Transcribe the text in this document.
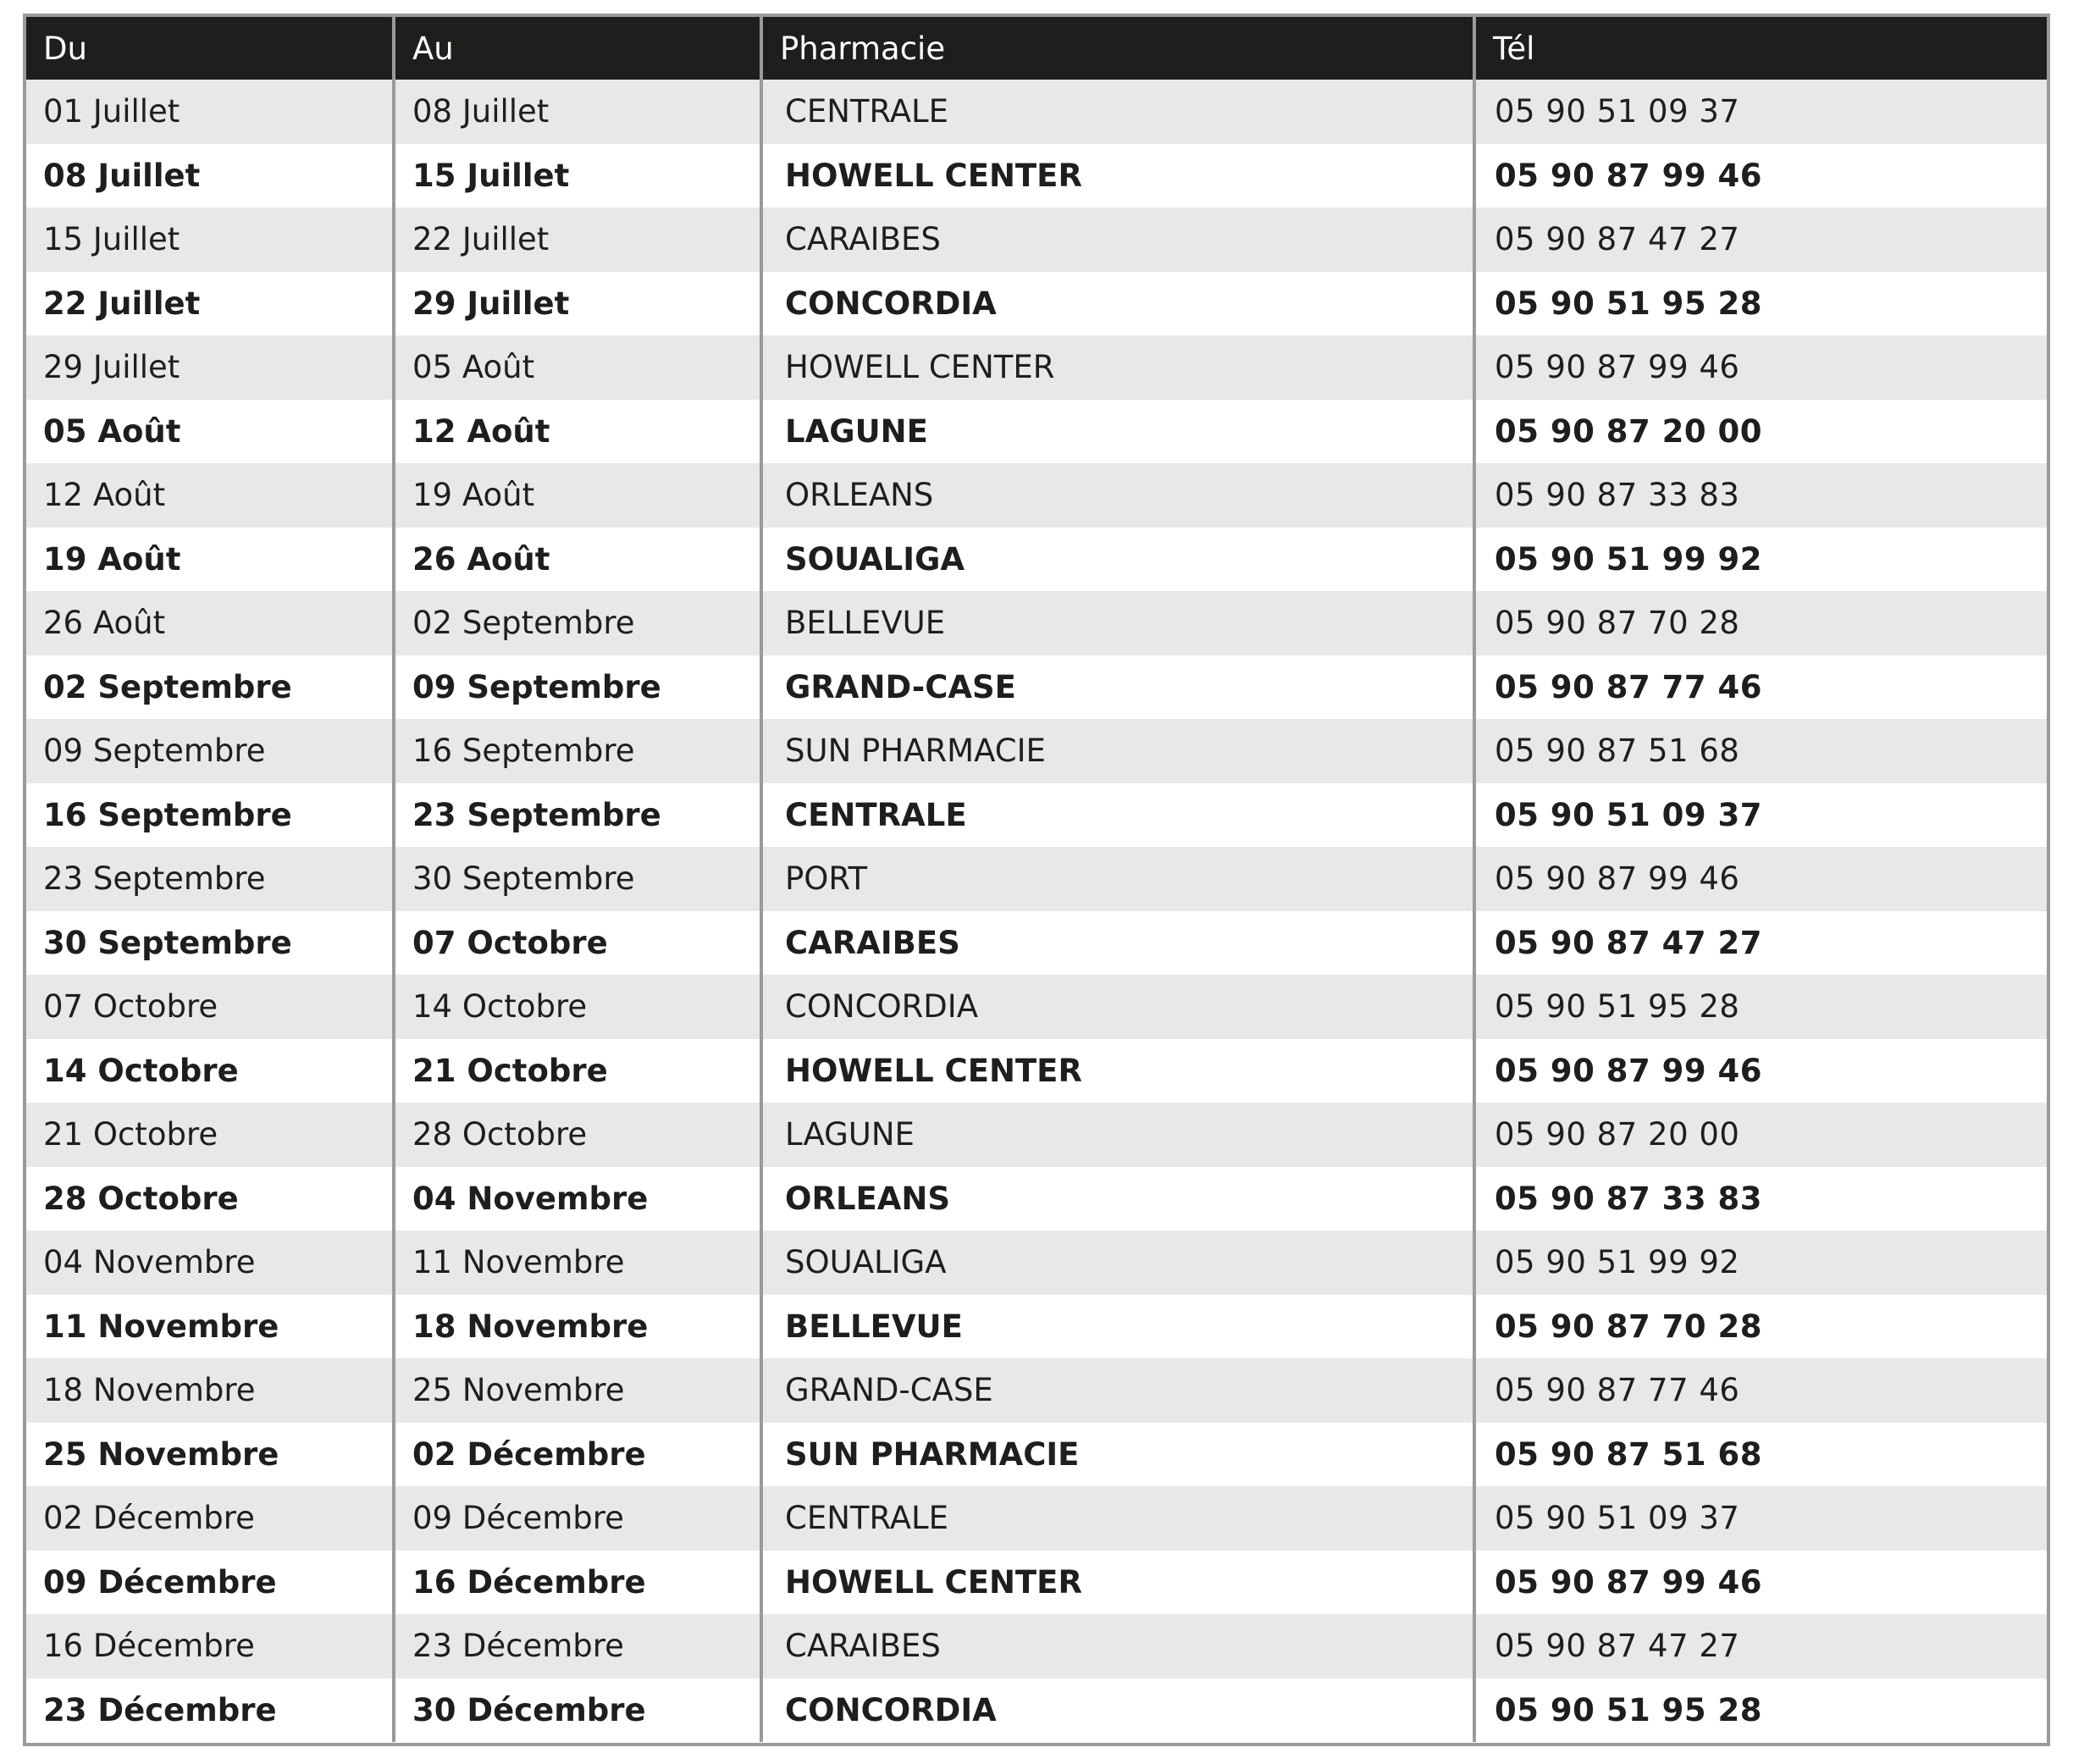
Du	Au	Pharmacie	Tél
01 Juillet	08 Juillet	CENTRALE	05 90 51 09 37
08 Juillet	15 Juillet	HOWELL CENTER	05 90 87 99 46
15 Juillet	22 Juillet	CARAIBES	05 90 87 47 27
22 Juillet	29 Juillet	CONCORDIA	05 90 51 95 28
29 Juillet	05 Août	HOWELL CENTER	05 90 87 99 46
05 Août	12 Août	LAGUNE	05 90 87 20 00
12 Août	19 Août	ORLEANS	05 90 87 33 83
19 Août	26 Août	SOUALIGA	05 90 51 99 92
26 Août	02 Septembre	BELLEVUE	05 90 87 70 28
02 Septembre	09 Septembre	GRAND-CASE	05 90 87 77 46
09 Septembre	16 Septembre	SUN PHARMACIE	05 90 87 51 68
16 Septembre	23 Septembre	CENTRALE	05 90 51 09 37
23 Septembre	30 Septembre	PORT	05 90 87 99 46
30 Septembre	07 Octobre	CARAIBES	05 90 87 47 27
07 Octobre	14 Octobre	CONCORDIA	05 90 51 95 28
14 Octobre	21 Octobre	HOWELL CENTER	05 90 87 99 46
21 Octobre	28 Octobre	LAGUNE	05 90 87 20 00
28 Octobre	04 Novembre	ORLEANS	05 90 87 33 83
04 Novembre	11 Novembre	SOUALIGA	05 90 51 99 92
11 Novembre	18 Novembre	BELLEVUE	05 90 87 70 28
18 Novembre	25 Novembre	GRAND-CASE	05 90 87 77 46
25 Novembre	02 Décembre	SUN PHARMACIE	05 90 87 51 68
02 Décembre	09 Décembre	CENTRALE	05 90 51 09 37
09 Décembre	16 Décembre	HOWELL CENTER	05 90 87 99 46
16 Décembre	23 Décembre	CARAIBES	05 90 87 47 27
23 Décembre	30 Décembre	CONCORDIA	05 90 51 95 28
